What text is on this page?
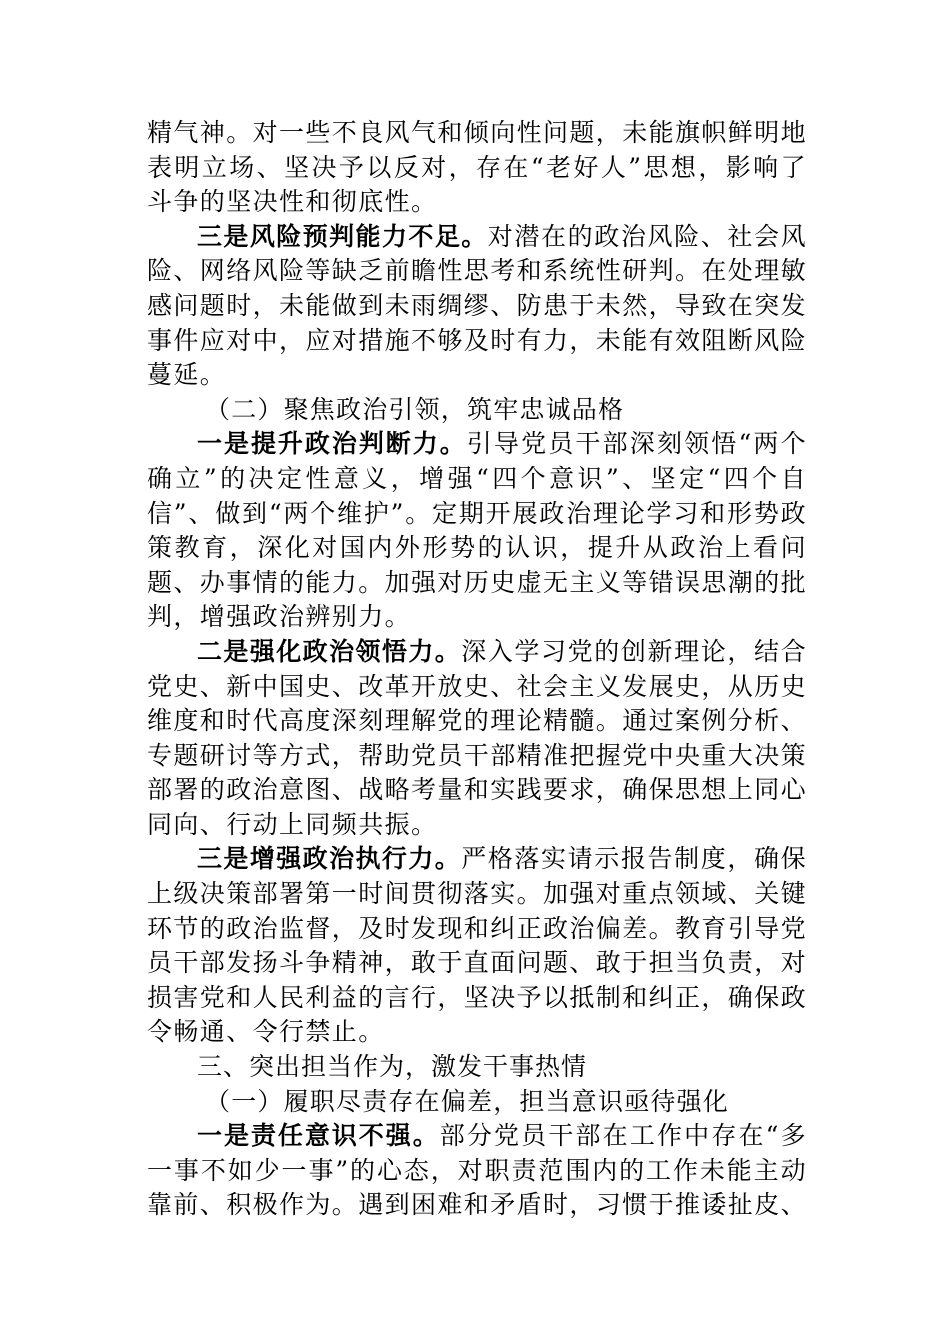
精气神。对一些不良风气和倾向性问题，未能旗帜鲜明地表明立场、坚决予以反对，存在“老好人”思想，影响了斗争的坚决性和彻底性。

三是风险预判能力不足。对潜在的政治风险、社会风险、网络风险等缺乏前瞻性思考和系统性研判。在处理敏感问题时，未能做到未雨绸缪、防患于未然，导致在突发事件应对中，应对措施不够及时有力，未能有效阻断风险蔓延。

（二）聚焦政治引领，筑牢忠诚品格

一是提升政治判断力。引导党员干部深刻领悟“两个确立”的决定性意义，增强“四个意识”、坚定“四个自信”、做到“两个维护”。定期开展政治理论学习和形势政策教育，深化对国内外形势的认识，提升从政治上看问题、办事情的能力。加强对历史虚无主义等错误思潮的批判，增强政治辨别力。

二是强化政治领悟力。深入学习党的创新理论，结合党史、新中国史、改革开放史、社会主义发展史，从历史维度和时代高度深刻理解党的理论精髓。通过案例分析、专题研讨等方式，帮助党员干部精准把握党中央重大决策部署的政治意图、战略考量和实践要求，确保思想上同心同向、行动上同频共振。

三是增强政治执行力。严格落实请示报告制度，确保上级决策部署第一时间贯彻落实。加强对重点领域、关键环节的政治监督，及时发现和纠正政治偏差。教育引导党员干部发扬斗争精神，敢于直面问题、敢于担当负责，对损害党和人民利益的言行，坚决予以抵制和纠正，确保政令畅通、令行禁止。

三、突出担当作为，激发干事热情

（一）履职尽责存在偏差，担当意识亟待强化

一是责任意识不强。部分党员干部在工作中存在“多一事不如少一事”的心态，对职责范围内的工作未能主动靠前、积极作为。遇到困难和矛盾时，习惯于推诿扯皮、
